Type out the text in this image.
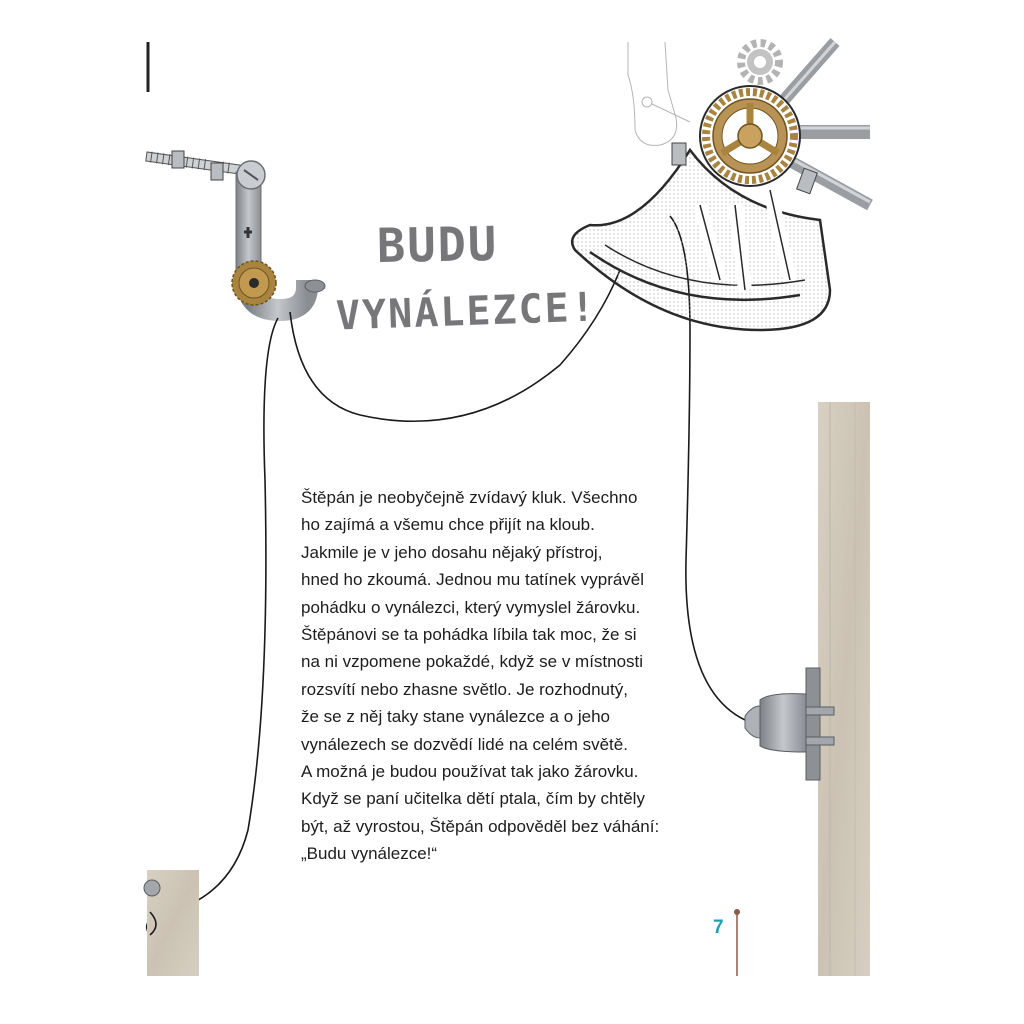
BUDU
VYNÁLEZCE!
Štěpán je neobyčejně zvídavý kluk. Všechno
ho zajímá a všemu chce přijít na kloub.
Jakmile je v jeho dosahu nějaký přístroj,
hned ho zkoumá. Jednou mu tatínek vyprávěl
pohádku o vynálezci, který vymyslel žárovku.
Štěpánovi se ta pohádka líbila tak moc, že si
na ni vzpomene pokaždé, když se v místnosti
rozsvítí nebo zhasne světlo. Je rozhodnutý,
že se z něj taky stane vynálezce a o jeho
vynálezech se dozvědí lidé na celém světě.
A možná je budou používat tak jako žárovku.
Když se paní učitelka dětí ptala, čím by chtěly
být, až vyrostou, Štěpán odpověděl bez váhání:
„Budu vynálezce!“
7
